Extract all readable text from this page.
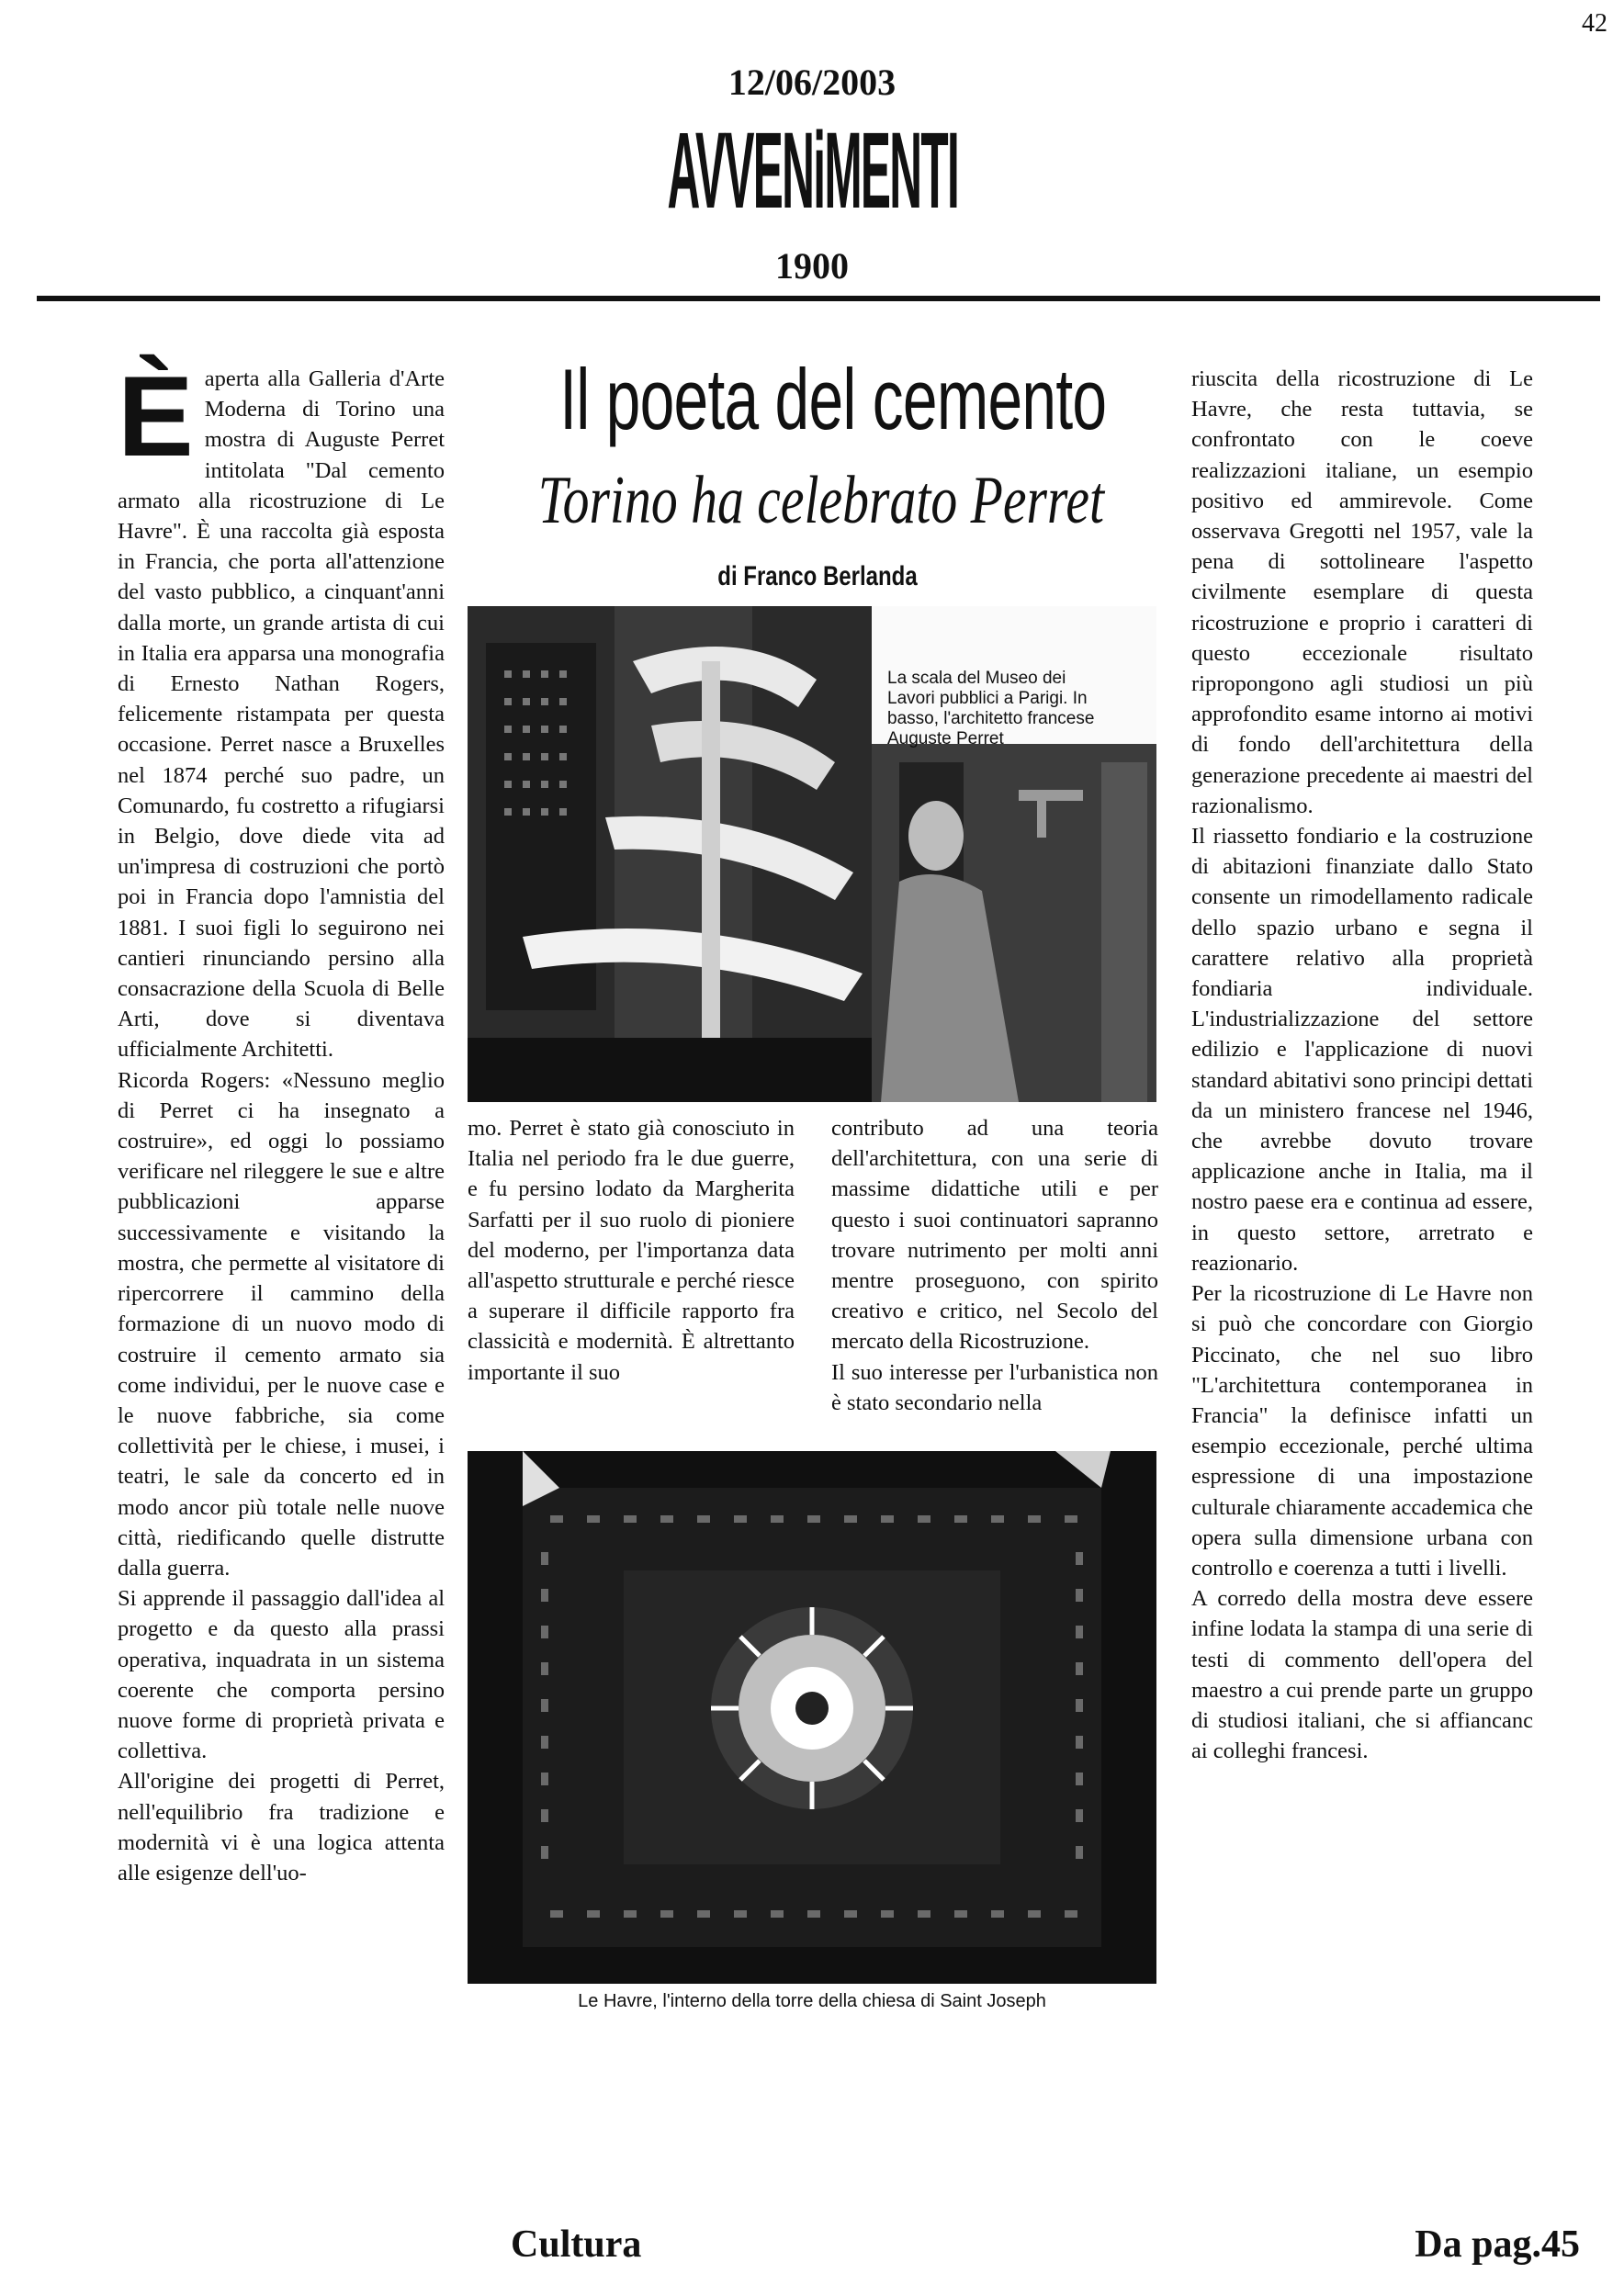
42
12/06/2003
AVVENiMENTI
1900

Èaperta alla Galleria d'Arte Moderna di Torino una mostra di Auguste Perret intitolata "Dal cemento armato alla ricostruzione di Le Havre". È una raccolta già esposta in Francia, che porta all'attenzione del vasto pubblico, a cinquant'anni dalla morte, un grande artista di cui in Italia era apparsa una monografia di Ernesto Nathan Rogers, felicemente ristampata per questa occasione. Perret nasce a Bruxelles nel 1874 perché suo padre, un Comunardo, fu costretto a rifugiarsi in Belgio, dove diede vita ad un'impresa di costruzioni che portò poi in Francia dopo l'amnistia del 1881. I suoi figli lo seguirono nei cantieri rinunciando persino alla consacrazione della Scuola di Belle Arti, dove si diventava ufficialmente Architetti.

Ricorda Rogers: «Nessuno meglio di Perret ci ha insegnato a costruire», ed oggi lo possiamo verificare nel rileggere le sue e altre pubblicazioni apparse successivamente e visitando la mostra, che permette al visitatore di ripercorrere il cammino della formazione di un nuovo modo di costruire il cemento armato sia come individui, per le nuove case e le nuove fabbriche, sia come collettività per le chiese, i musei, i teatri, le sale da concerto ed in modo ancor più totale nelle nuove città, riedificando quelle distrutte dalla guerra.

Si apprende il passaggio dall'idea al progetto e da questo alla prassi operativa, inquadrata in un sistema coerente che comporta persino nuove forme di proprietà privata e collettiva.

All'origine dei progetti di Perret, nell'equilibrio fra tradizione e modernità vi è una logica attenta alle esigenze dell'uo-

Il poeta del cemento
Torino ha celebrato Perret
di Franco Berlanda
La scala del Museo dei Lavori pubblici a Parigi. In basso, l'architetto francese Auguste Perret

mo. Perret è stato già conosciuto in Italia nel periodo fra le due guerre, e fu persino lodato da Margherita Sarfatti per il suo ruolo di pioniere del moderno, per l'importanza data all'aspetto strutturale e perché riesce a superare il difficile rapporto fra classicità e modernità. È altrettanto importante il suo

contributo ad una teoria dell'architettura, con una serie di massime didattiche utili e per questo i suoi continuatori sapranno trovare nutrimento per molti anni mentre proseguono, con spirito creativo e critico, nel Secolo del mercato della Ricostruzione.

Il suo interesse per l'urbanistica non è stato secondario nella

Le Havre, l'interno della torre della chiesa di Saint Joseph

riuscita della ricostruzione di Le Havre, che resta tuttavia, se confrontato con le coeve realizzazioni italiane, un esempio positivo ed ammirevole. Come osservava Gregotti nel 1957, vale la pena di sottolineare l'aspetto civilmente esemplare di questa ricostruzione e proprio i caratteri di questo eccezionale risultato ripropongono agli studiosi un più approfondito esame intorno ai motivi di fondo dell'architettura della generazione precedente ai maestri del razionalismo.

Il riassetto fondiario e la costruzione di abitazioni finanziate dallo Stato consente un rimodellamento radicale dello spazio urbano e segna il carattere relativo alla proprietà fondiaria individuale. L'industrializzazione del settore edilizio e l'applicazione di nuovi standard abitativi sono principi dettati da un ministero francese nel 1946, che avrebbe dovuto trovare applicazione anche in Italia, ma il nostro paese era e continua ad essere, in questo settore, arretrato e reazionario.

Per la ricostruzione di Le Havre non si può che concordare con Giorgio Piccinato, che nel suo libro "L'architettura contemporanea in Francia" la definisce infatti un esempio eccezionale, perché ultima espressione di una impostazione culturale chiaramente accademica che opera sulla dimensione urbana con controllo e coerenza a tutti i livelli.

A corredo della mostra deve essere infine lodata la stampa di una serie di testi di commento dell'opera del maestro a cui prende parte un gruppo di studiosi italiani, che si affiancanc ai colleghi francesi.

Cultura	Da pag.45
